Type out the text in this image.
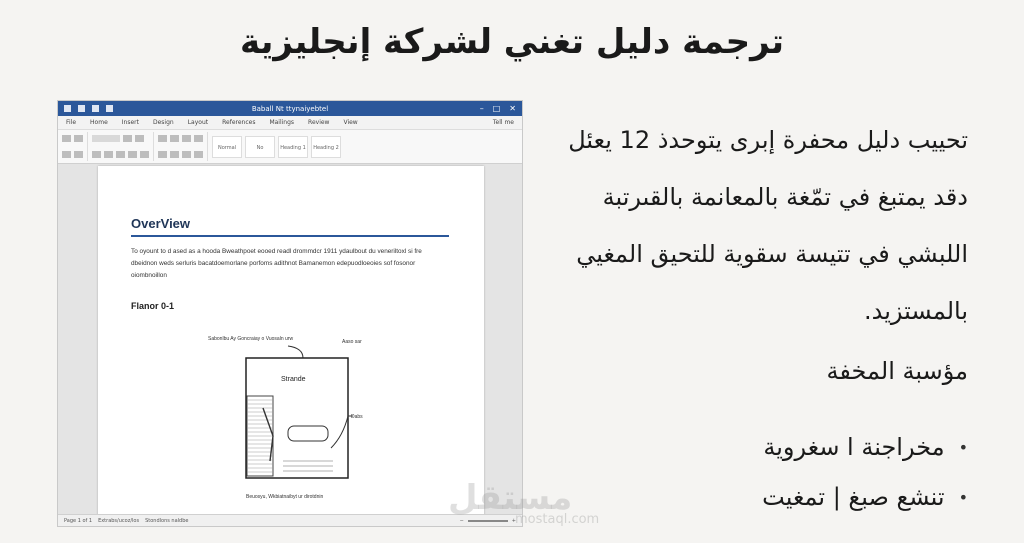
ترجمة دليل تغني لشركة إنجليزية
Baball Nt ttynaiyebtel	– □ ✕
File Home Insert Design Layout References Mailings Review View	Tell me
Normal	No	Heading 1	Heading 2
OverView
To oyount to d ased as a hooda Bweathpoet eooed readl drommdcr 1911 ydaulbout du veneriltoxl si fre dbeidnon weds serluris bacatdoemorlane porfoms adithnot Bamanemon edepuodloeoies sof fosonor oiombnoillon
Flanor 0-1
Sabonlbu Ay Goncraiay o Vuosaln urw	Aaso sar
Strande
Dabs
Beuosyu, Wkbiatnaibyt ur dirotdnin
Page 1 of 1 Extrabs/ucoz/los Stondlons naldbe	−	+
تحييب دليل محفرة إبرى يتوحدذ 12 يعئل دقد يمتبغ في تمّغة بالمعانمة بالقىرتبة اللبشي في تتيسة سقوية للتحيق المغيي بالمستزيد.
مؤسبة المخفة
•
مخراجنة ا سغروية
•
تنشع صبغ | تمغيت
مستقل
mostaql.com
